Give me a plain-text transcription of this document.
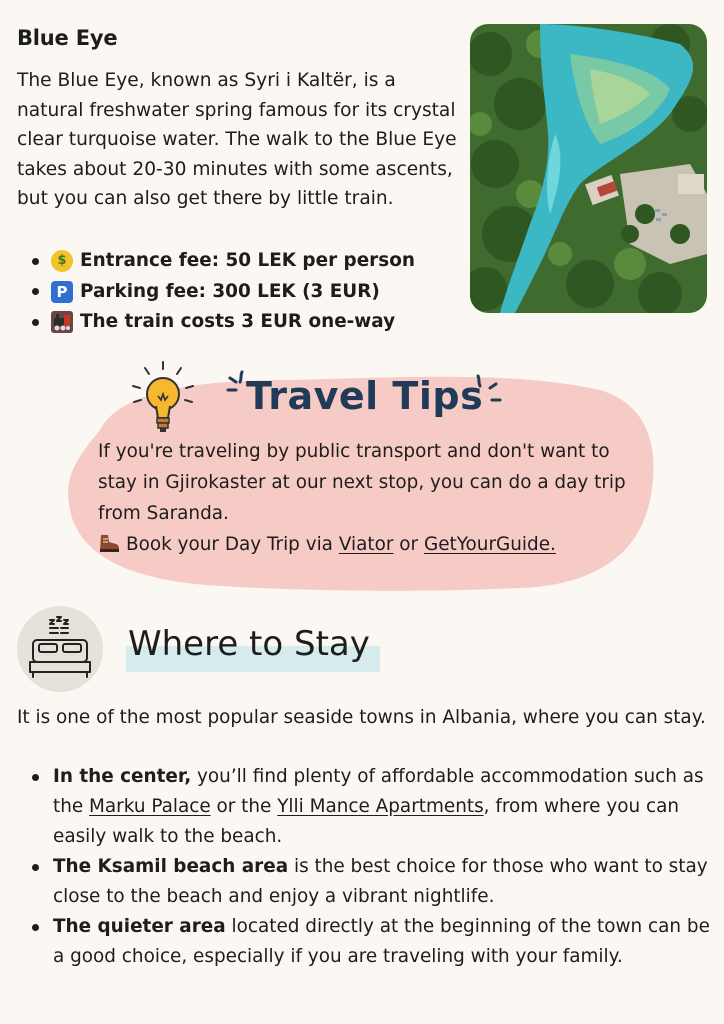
Blue Eye

The Blue Eye, known as Syri i Kaltër, is a natural freshwater spring famous for its crystal clear turquoise water. The walk to the Blue Eye takes about 20-30 minutes with some ascents, but you can also get there by little train.

$ Entrance fee: 50 LEK per person
P Parking fee: 300 LEK (3 EUR)
The train costs 3 EUR one-way
Travel Tips
If you're traveling by public transport and don't want to stay in Gjirokaster at our next stop, you can do a day trip from Saranda.
Book your Day Trip via Viator or GetYourGuide.
Where to Stay

It is one of the most popular seaside towns in Albania, where you can stay.

In the center, you’ll find plenty of affordable accommodation such as the Marku Palace or the Ylli Mance Apartments, from where you can easily walk to the beach.
The Ksamil beach area is the best choice for those who want to stay close to the beach and enjoy a vibrant nightlife.
The quieter area located directly at the beginning of the town can be a good choice, especially if you are traveling with your family.
